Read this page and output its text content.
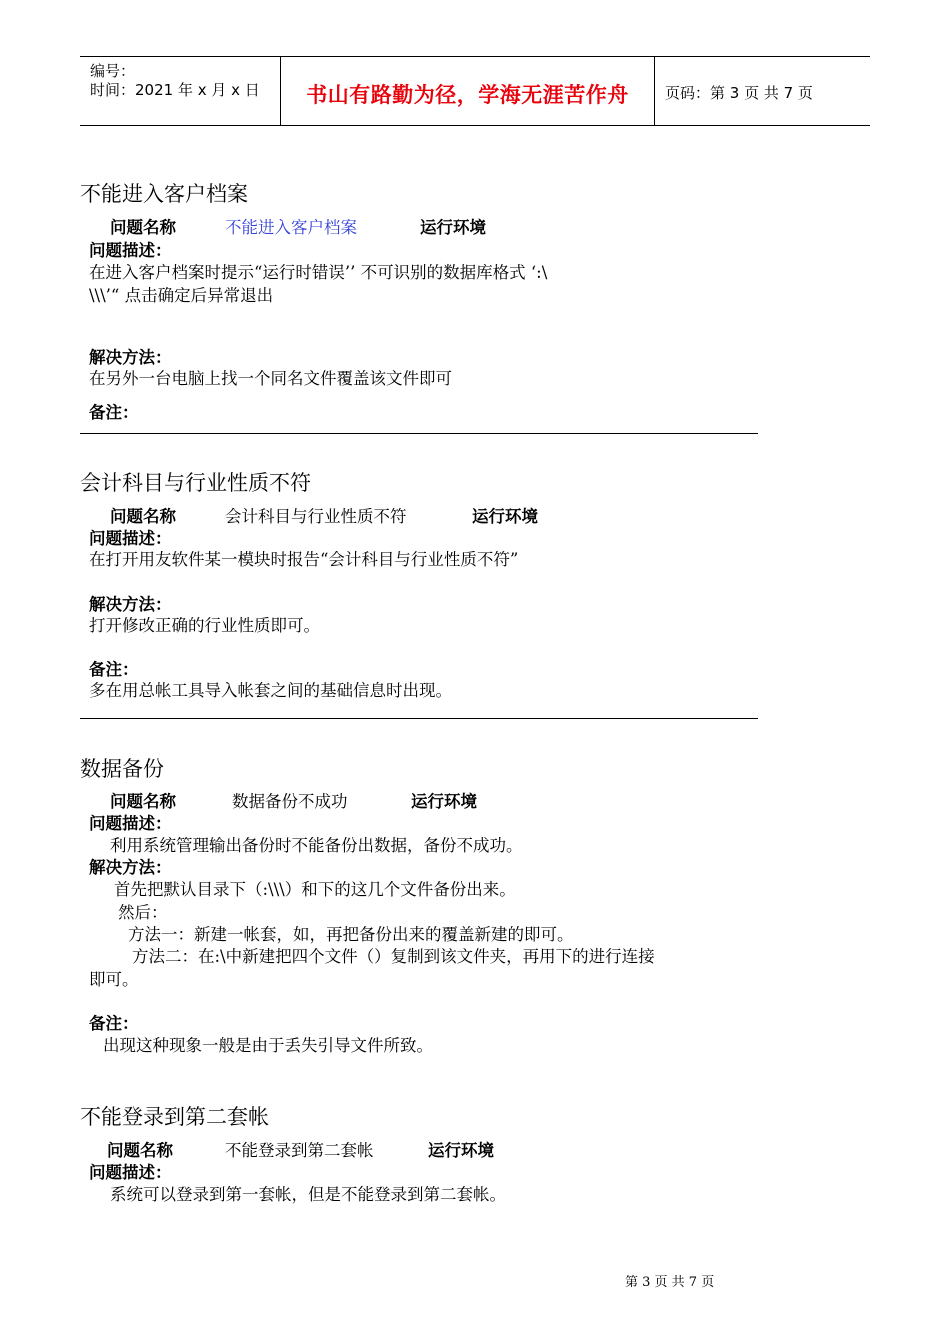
编号：
时间：2021 年 x 月 x 日	书山有路勤为径，学海无涯苦作舟	页码：第 3 页 共 7 页
不能进入客户档案
问题名称	不能进入客户档案	运行环境
问题描述：
在进入客户档案时提示“运行时错误’’ 不可识别的数据库格式 ‘:\
\\\’“ 点击确定后异常退出
解决方法：
在另外一台电脑上找一个同名文件覆盖该文件即可
备注：
会计科目与行业性质不符
问题名称	会计科目与行业性质不符	运行环境
问题描述：
在打开用友软件某一模块时报告“会计科目与行业性质不符”
解决方法：
打开修改正确的行业性质即可。
备注：
多在用总帐工具导入帐套之间的基础信息时出现。
数据备份
问题名称	数据备份不成功	运行环境
问题描述：
利用系统管理输出备份时不能备份出数据，备份不成功。
解决方法：
首先把默认目录下（:\\\）和下的这几个文件备份出来。
然后：
方法一：新建一帐套，如，再把备份出来的覆盖新建的即可。
方法二：在:\中新建把四个文件（）复制到该文件夹，再用下的进行连接
即可。
备注：
出现这种现象一般是由于丢失引导文件所致。
不能登录到第二套帐
问题名称	不能登录到第二套帐	运行环境
问题描述：
系统可以登录到第一套帐，但是不能登录到第二套帐。
第 3 页 共 7 页
